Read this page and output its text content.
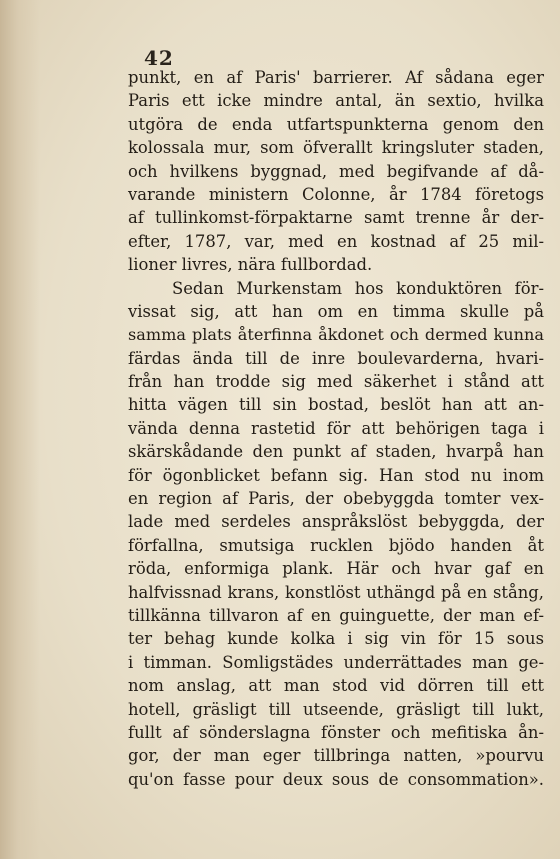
42
punkt, en af Paris' barrierer. Af sådana eger
Paris ett icke mindre antal, än sextio, hvilka
utgöra de enda utfartspunkterna genom den
kolossala mur, som öfverallt kringsluter staden,
och hvilkens byggnad, med begifvande af då-
varande ministern Colonne, år 1784 företogs
af tullinkomst-förpaktarne samt trenne år der-
efter, 1787, var, med en kostnad af 25 mil-
lioner livres, nära fullbordad.
Sedan Murkenstam hos konduktören för-
vissat sig, att han om en timma skulle på
samma plats återfinna åkdonet och dermed kunna
färdas ända till de inre boulevarderna, hvari-
från han trodde sig med säkerhet i stånd att
hitta vägen till sin bostad, beslöt han att an-
vända denna rastetid för att behörigen taga i
skärskådande den punkt af staden, hvarpå han
för ögonblicket befann sig. Han stod nu inom
en region af Paris, der obebyggda tomter vex-
lade med serdeles anspråkslöst bebyggda, der
förfallna, smutsiga rucklen bjödo handen åt
röda, enformiga plank. Här och hvar gaf en
halfvissnad krans, konstlöst uthängd på en stång,
tillkänna tillvaron af en guinguette, der man ef-
ter behag kunde kolka i sig vin för 15 sous
i timman. Somligstädes underrättades man ge-
nom anslag, att man stod vid dörren till ett
hotell, gräsligt till utseende, gräsligt till lukt,
fullt af sönderslagna fönster och mefitiska ån-
gor, der man eger tillbringa natten, »pourvu
qu'on fasse pour deux sous de consommation».
